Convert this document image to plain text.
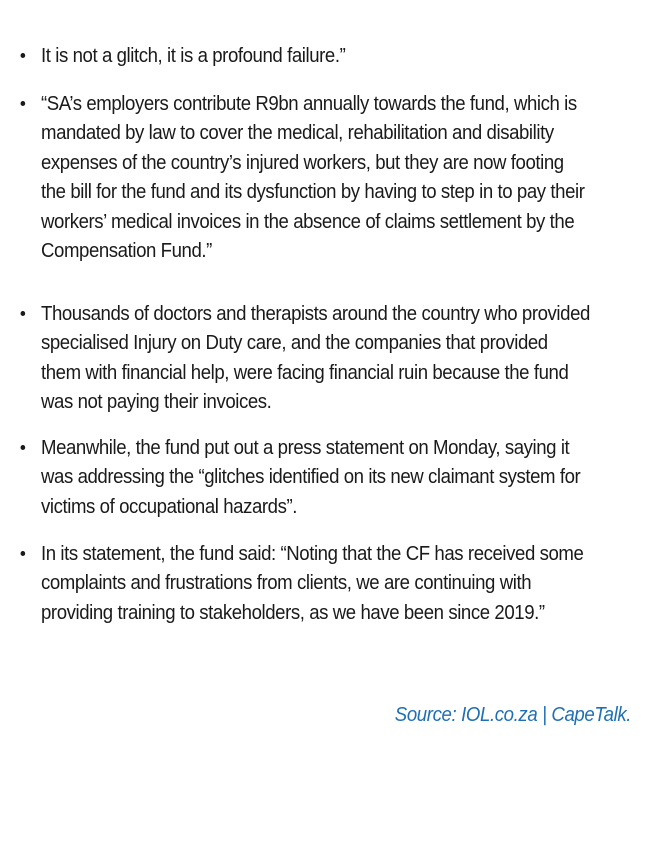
It is not a glitch, it is a profound failure.”
“SA’s employers contribute R9bn annually towards the fund, which is mandated by law to cover the medical, rehabilitation and disability expenses of the country’s injured workers, but they are now footing the bill for the fund and its dysfunction by having to step in to pay their workers’ medical invoices in the absence of claims settlement by the Compensation Fund.”
Thousands of doctors and therapists around the country who provided specialised Injury on Duty care, and the companies that provided them with financial help, were facing financial ruin because the fund was not paying their invoices.
Meanwhile, the fund put out a press statement on Monday, saying it was addressing the “glitches identified on its new claimant system for victims of occupational hazards”.
In its statement, the fund said: “Noting that the CF has received some complaints and frustrations from clients, we are continuing with providing training to stakeholders, as we have been since 2019.”
Source: IOL.co.za | CapeTalk.
